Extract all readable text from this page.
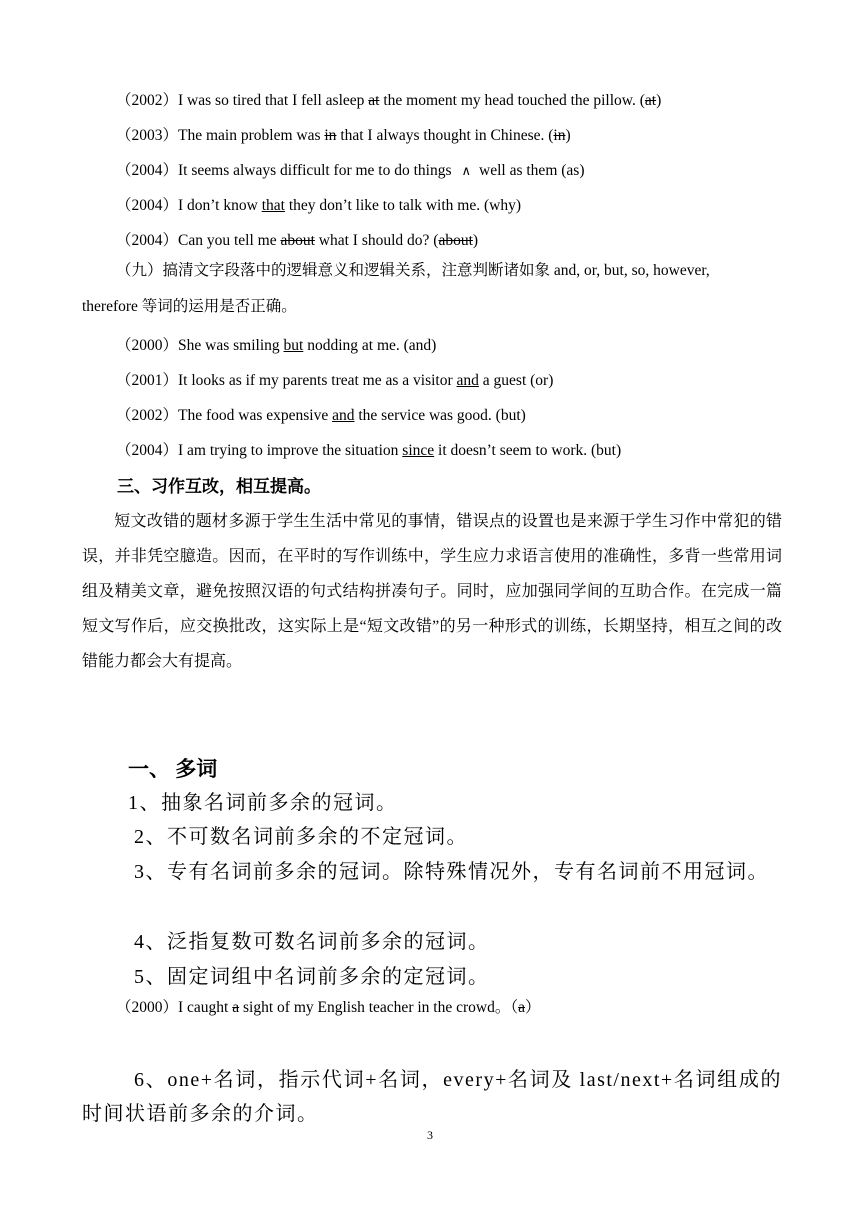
（2002）I was so tired that I fell asleep at the moment my head touched the pillow. (at)
（2003）The main problem was in that I always thought in Chinese. (in)
（2004）It seems always difficult for me to do things ∧ well as them (as)
（2004）I don’t know that they don’t like to talk with me. (why)
（2004）Can you tell me about what I should do? (about)
（九）搞清文字段落中的逻辑意义和逻辑关系，注意判断诸如象 and, or, but, so, however,
therefore 等词的运用是否正确。
（2000）She was smiling but nodding at me. (and)
（2001）It looks as if my parents treat me as a visitor and a guest (or)
（2002）The food was expensive and the service was good. (but)
（2004）I am trying to improve the situation since it doesn’t seem to work. (but)
三、习作互改，相互提高。
短文改错的题材多源于学生生活中常见的事情，错误点的设置也是来源于学生习作中常犯的错误，并非凭空臆造。因而，在平时的写作训练中，学生应力求语言使用的准确性，多背一些常用词组及精美文章，避免按照汉语的句式结构拼凑句子。同时，应加强同学间的互助合作。在完成一篇短文写作后，应交换批改，这实际上是“短文改错”的另一种形式的训练，长期坚持，相互之间的改错能力都会大有提高。
一、 多词
1、抽象名词前多余的冠词。
2、不可数名词前多余的不定冠词。
3、专有名词前多余的冠词。除特殊情况外，专有名词前不用冠词。
4、泛指复数可数名词前多余的冠词。
5、固定词组中名词前多余的定冠词。
（2000）I caught a sight of my English teacher in the crowd。（a）
6、one+名词，指示代词+名词，every+名词及 last/next+名词组成的时间状语前多余的介词。
3
